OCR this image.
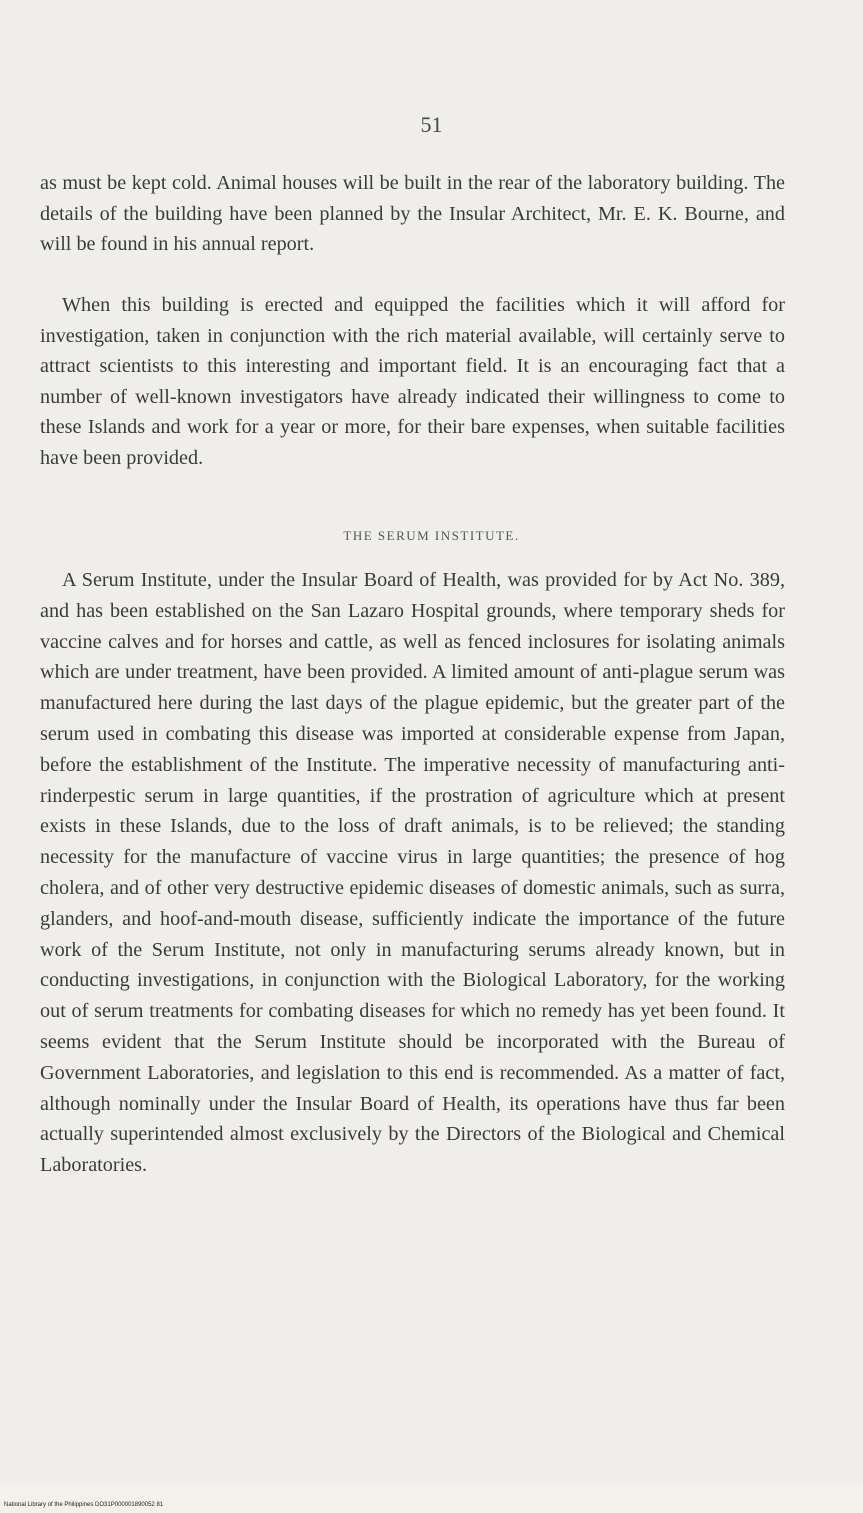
51

as must be kept cold. Animal houses will be built in the rear of the laboratory building. The details of the building have been planned by the Insular Architect, Mr. E. K. Bourne, and will be found in his annual report.

When this building is erected and equipped the facilities which it will afford for investigation, taken in conjunction with the rich material available, will certainly serve to attract scientists to this interesting and important field. It is an encouraging fact that a number of well-known investigators have already indicated their willingness to come to these Islands and work for a year or more, for their bare expenses, when suitable facilities have been provided.

THE SERUM INSTITUTE.

A Serum Institute, under the Insular Board of Health, was provided for by Act No. 389, and has been established on the San Lazaro Hospital grounds, where temporary sheds for vaccine calves and for horses and cattle, as well as fenced inclosures for isolating animals which are under treatment, have been provided. A limited amount of anti-plague serum was manufactured here during the last days of the plague epidemic, but the greater part of the serum used in combating this disease was imported at considerable expense from Japan, before the establishment of the Institute. The imperative necessity of manufacturing anti-rinderpestic serum in large quantities, if the prostration of agriculture which at present exists in these Islands, due to the loss of draft animals, is to be relieved; the standing necessity for the manufacture of vaccine virus in large quantities; the presence of hog cholera, and of other very destructive epidemic diseases of domestic animals, such as surra, glanders, and hoof-and-mouth disease, sufficiently indicate the importance of the future work of the Serum Institute, not only in manufacturing serums already known, but in conducting investigations, in conjunction with the Biological Laboratory, for the working out of serum treatments for combating diseases for which no remedy has yet been found. It seems evident that the Serum Institute should be incorporated with the Bureau of Government Laboratories, and legislation to this end is recommended. As a matter of fact, although nominally under the Insular Board of Health, its operations have thus far been actually superintended almost exclusively by the Directors of the Biological and Chemical Laboratories.

National Library of the Philippines DO31P000001890052 81
